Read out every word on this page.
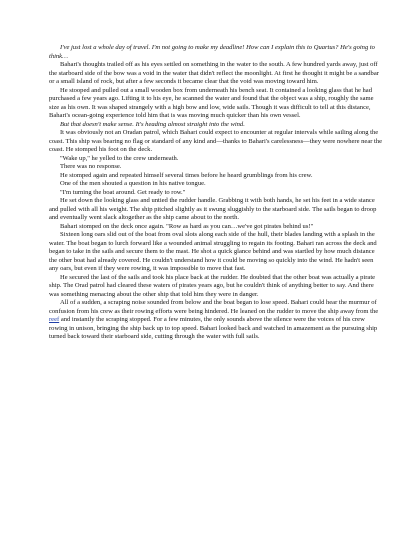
I've just lost a whole day of travel. I'm not going to make my deadline! How can I explain this to Quartus? He's going to think…

Bahari's thoughts trailed off as his eyes settled on something in the water to the south. A few hundred yards away, just off the starboard side of the bow was a void in the water that didn't reflect the moonlight. At first he thought it might be a sandbar or a small island of rock, but after a few seconds it became clear that the void was moving toward him.

He stooped and pulled out a small wooden box from underneath his bench seat. It contained a looking glass that he had purchased a few years ago. Lifting it to his eye, he scanned the water and found that the object was a ship, roughly the same size as his own. It was shaped strangely with a high bow and low, wide sails. Though it was difficult to tell at this distance, Bahari's ocean-going experience told him that is was moving much quicker than his own vessel.

But that doesn't make sense. It's heading almost straight into the wind.

It was obviously not an Oradan patrol, which Bahari could expect to encounter at regular intervals while sailing along the coast. This ship was bearing no flag or standard of any kind and—thanks to Bahari's carelessness—they were nowhere near the coast. He stomped his foot on the deck.

"Wake up," he yelled to the crew underneath.

There was no response.

He stomped again and repeated himself several times before he heard grumblings from his crew.

One of the men shouted a question in his native tongue.

"I'm turning the boat around. Get ready to row."

He set down the looking glass and untied the rudder handle. Grabbing it with both hands, he set his feet in a wide stance and pulled with all his weight. The ship pitched slightly as it swung sluggishly to the starboard side. The sails began to droop and eventually went slack altogether as the ship came about to the north.

Bahari stomped on the deck once again. "Row as hard as you can…we've got pirates behind us!"

Sixteen long oars slid out of the boat from oval slots along each side of the hull, their blades landing with a splash in the water. The boat began to lurch forward like a wounded animal struggling to regain its footing. Bahari ran across the deck and began to take in the sails and secure them to the mast. He shot a quick glance behind and was startled by how much distance the other boat had already covered. He couldn't understand how it could be moving so quickly into the wind. He hadn't seen any oars, but even if they were rowing, it was impossible to move that fast.

He secured the last of the sails and took his place back at the rudder. He doubted that the other boat was actually a pirate ship. The Orad patrol had cleared these waters of pirates years ago, but he couldn't think of anything better to say. And there was something menacing about the other ship that told him they were in danger.

All of a sudden, a scraping noise sounded from below and the boat began to lose speed. Bahari could hear the murmur of confusion from his crew as their rowing efforts were being hindered. He leaned on the rudder to move the ship away from the reef and instantly the scraping stopped. For a few minutes, the only sounds above the silence were the voices of his crew rowing in unison, bringing the ship back up to top speed. Bahari looked back and watched in amazement as the pursuing ship turned back toward their starboard side, cutting through the water with full sails.
